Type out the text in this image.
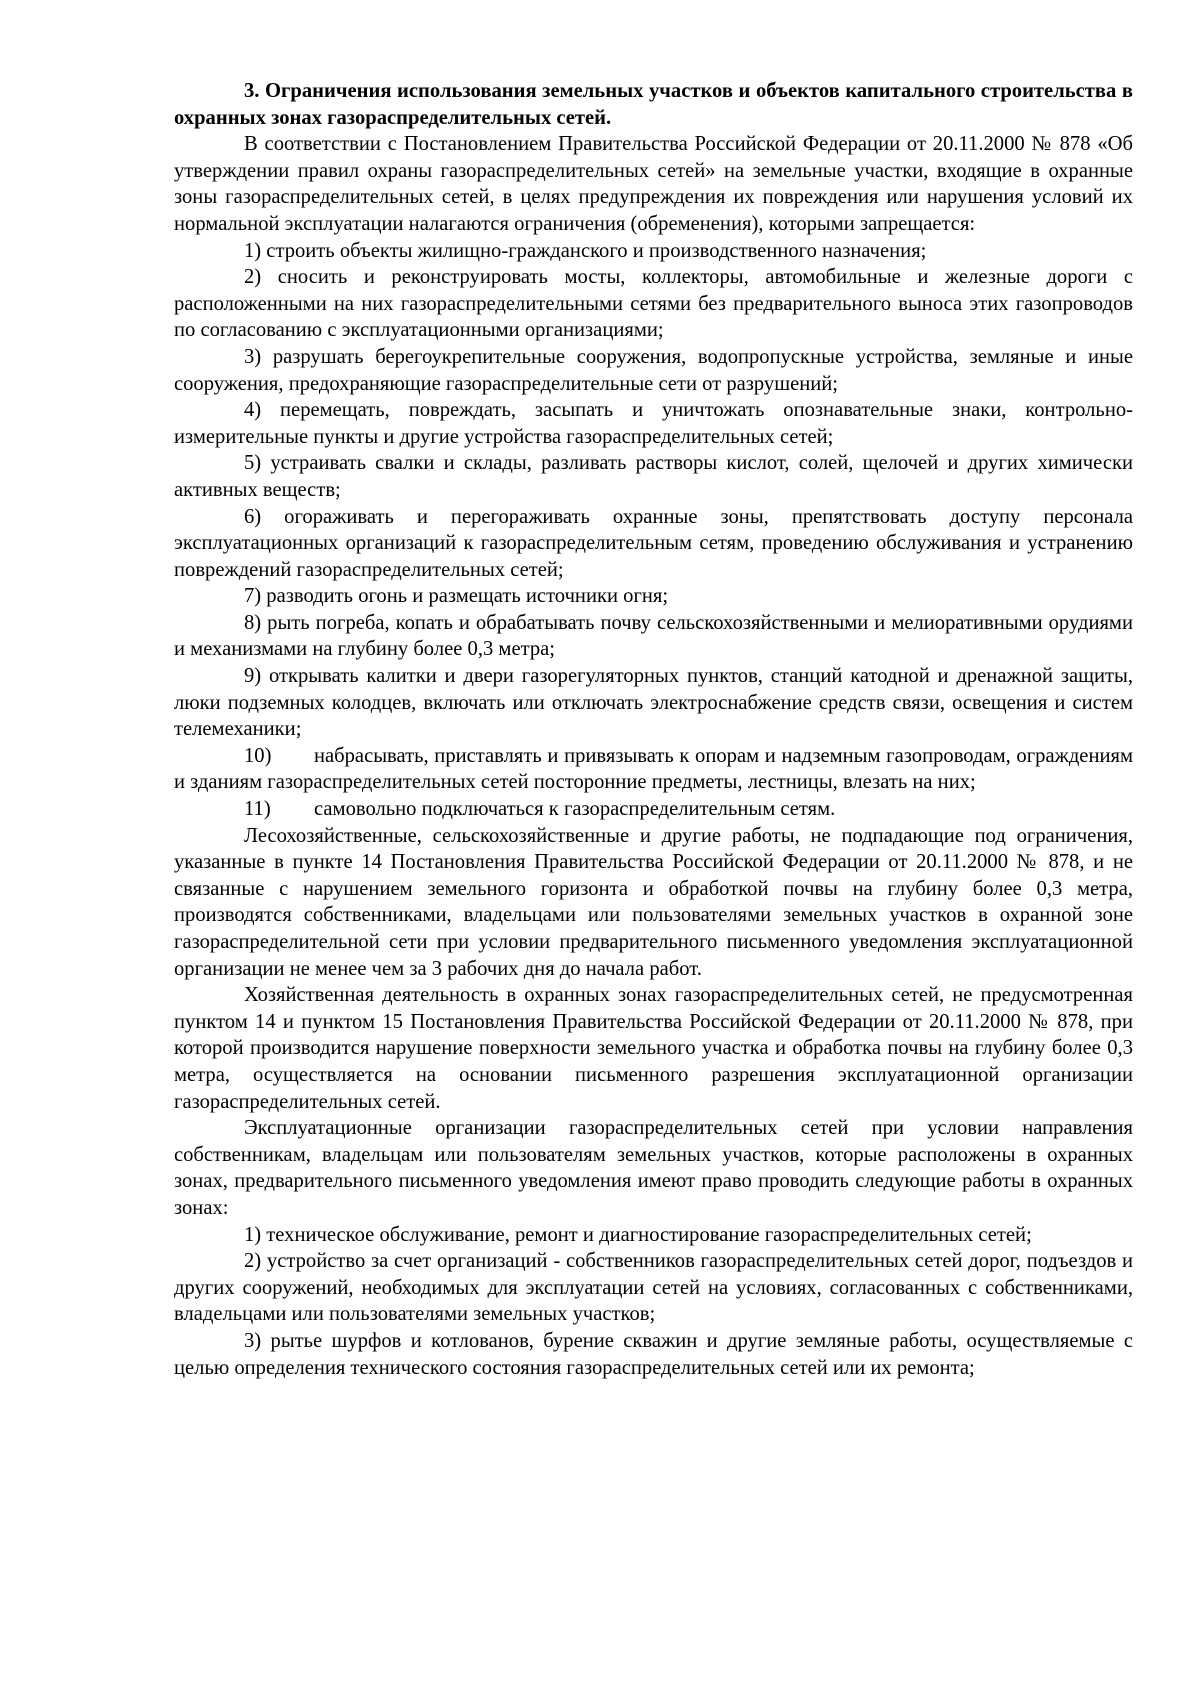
3. Ограничения использования земельных участков и объектов капитального строительства в охранных зонах газораспределительных сетей.

В соответствии с Постановлением Правительства Российской Федерации от 20.11.2000 № 878 «Об утверждении правил охраны газораспределительных сетей» на земельные участки, входящие в охранные зоны газораспределительных сетей, в целях предупреждения их повреждения или нарушения условий их нормальной эксплуатации налагаются ограничения (обременения), которыми запрещается:

1) строить объекты жилищно-гражданского и производственного назначения;

2) сносить и реконструировать мосты, коллекторы, автомобильные и железные дороги с расположенными на них газораспределительными сетями без предварительного выноса этих газопроводов по согласованию с эксплуатационными организациями;

3) разрушать берегоукрепительные сооружения, водопропускные устройства, земляные и иные сооружения, предохраняющие газораспределительные сети от разрушений;

4) перемещать, повреждать, засыпать и уничтожать опознавательные знаки, контрольно-измерительные пункты и другие устройства газораспределительных сетей;

5) устраивать свалки и склады, разливать растворы кислот, солей, щелочей и других химически активных веществ;

6) огораживать и перегораживать охранные зоны, препятствовать доступу персонала эксплуатационных организаций к газораспределительным сетям, проведению обслуживания и устранению повреждений газораспределительных сетей;

7) разводить огонь и размещать источники огня;

8) рыть погреба, копать и обрабатывать почву сельскохозяйственными и мелиоративными орудиями и механизмами на глубину более 0,3 метра;

9) открывать калитки и двери газорегуляторных пунктов, станций катодной и дренажной защиты, люки подземных колодцев, включать или отключать электроснабжение средств связи, освещения и систем телемеханики;

10) набрасывать, приставлять и привязывать к опорам и надземным газопроводам, ограждениям и зданиям газораспределительных сетей посторонние предметы, лестницы, влезать на них;

11) самовольно подключаться к газораспределительным сетям.

Лесохозяйственные, сельскохозяйственные и другие работы, не подпадающие под ограничения, указанные в пункте 14 Постановления Правительства Российской Федерации от 20.11.2000 № 878, и не связанные с нарушением земельного горизонта и обработкой почвы на глубину более 0,3 метра, производятся собственниками, владельцами или пользователями земельных участков в охранной зоне газораспределительной сети при условии предварительного письменного уведомления эксплуатационной организации не менее чем за 3 рабочих дня до начала работ.

Хозяйственная деятельность в охранных зонах газораспределительных сетей, не предусмотренная пунктом 14 и пунктом 15 Постановления Правительства Российской Федерации от 20.11.2000 № 878, при которой производится нарушение поверхности земельного участка и обработка почвы на глубину более 0,3 метра, осуществляется на основании письменного разрешения эксплуатационной организации газораспределительных сетей.

Эксплуатационные организации газораспределительных сетей при условии направления собственникам, владельцам или пользователям земельных участков, которые расположены в охранных зонах, предварительного письменного уведомления имеют право проводить следующие работы в охранных зонах:

1) техническое обслуживание, ремонт и диагностирование газораспределительных сетей;

2) устройство за счет организаций - собственников газораспределительных сетей дорог, подъездов и других сооружений, необходимых для эксплуатации сетей на условиях, согласованных с собственниками, владельцами или пользователями земельных участков;

3) рытье шурфов и котлованов, бурение скважин и другие земляные работы, осуществляемые с целью определения технического состояния газораспределительных сетей или их ремонта;
